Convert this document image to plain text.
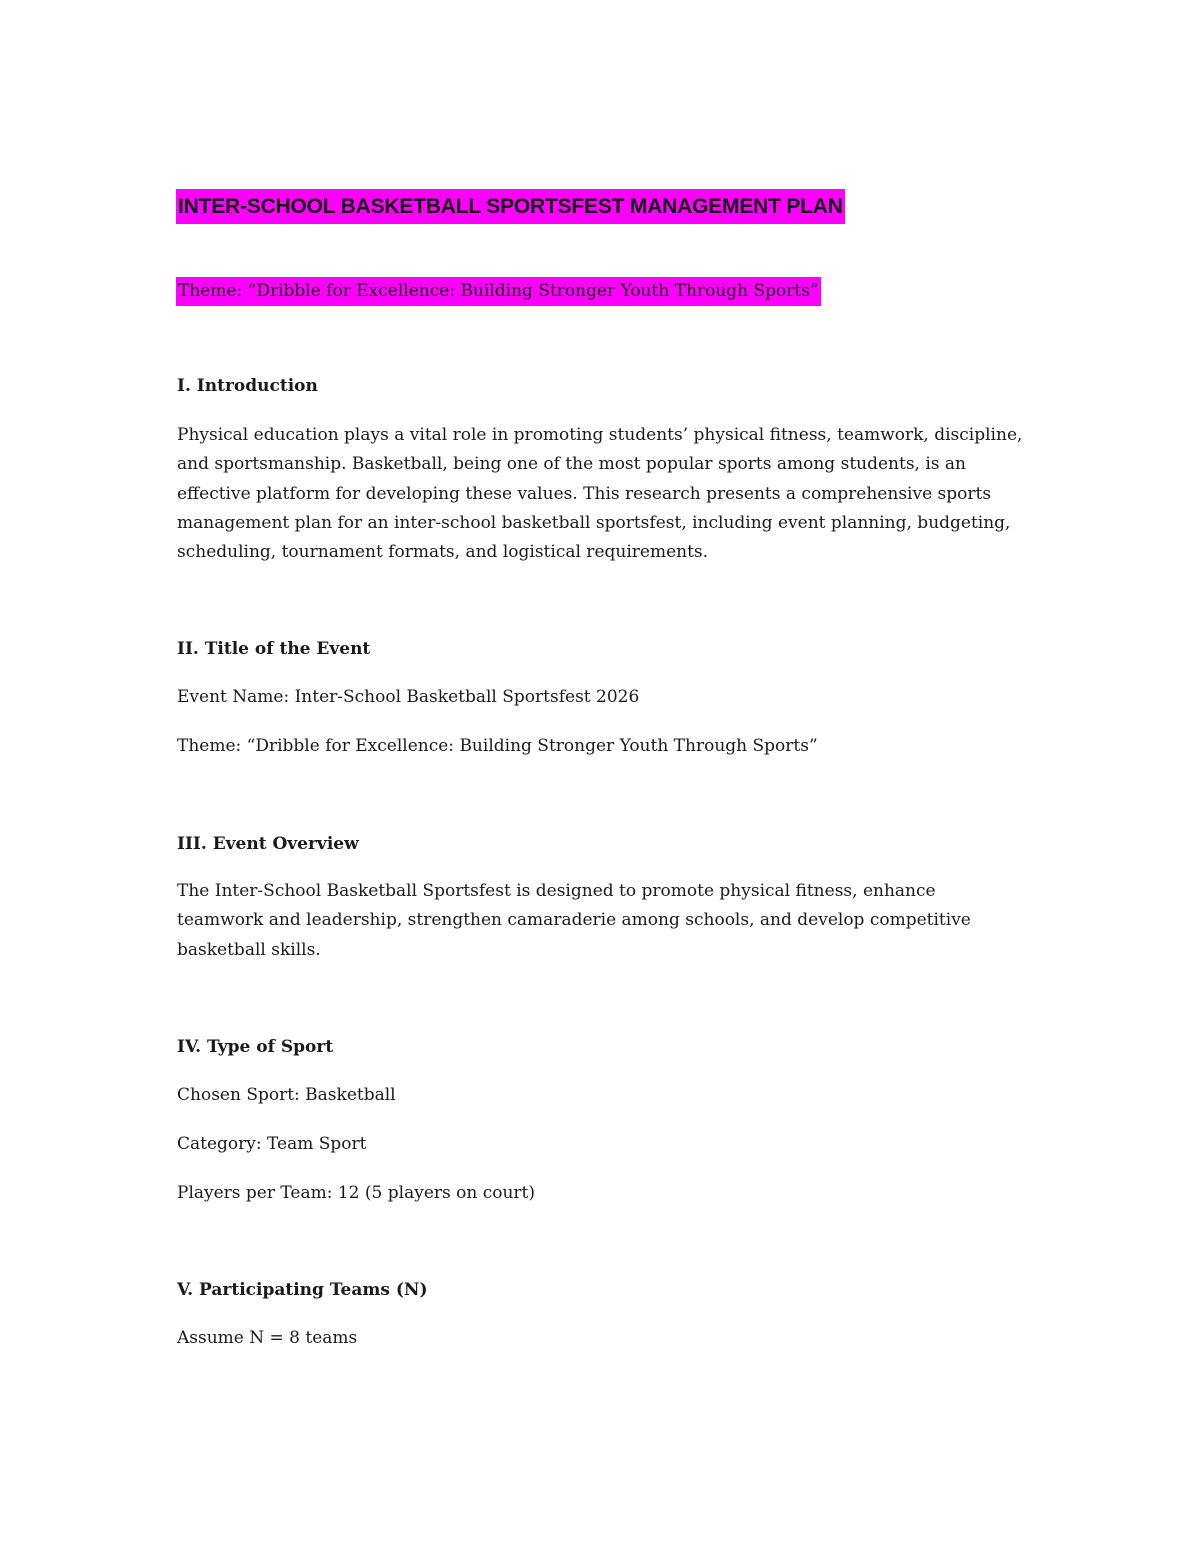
INTER-SCHOOL BASKETBALL SPORTSFEST MANAGEMENT PLAN
Theme: “Dribble for Excellence: Building Stronger Youth Through Sports”
I. Introduction
Physical education plays a vital role in promoting students’ physical fitness, teamwork, discipline, and sportsmanship. Basketball, being one of the most popular sports among students, is an effective platform for developing these values. This research presents a comprehensive sports management plan for an inter-school basketball sportsfest, including event planning, budgeting, scheduling, tournament formats, and logistical requirements.
II. Title of the Event
Event Name: Inter-School Basketball Sportsfest 2026
Theme: “Dribble for Excellence: Building Stronger Youth Through Sports”
III. Event Overview
The Inter-School Basketball Sportsfest is designed to promote physical fitness, enhance teamwork and leadership, strengthen camaraderie among schools, and develop competitive basketball skills.
IV. Type of Sport
Chosen Sport: Basketball
Category: Team Sport
Players per Team: 12 (5 players on court)
V. Participating Teams (N)
Assume N = 8 teams
